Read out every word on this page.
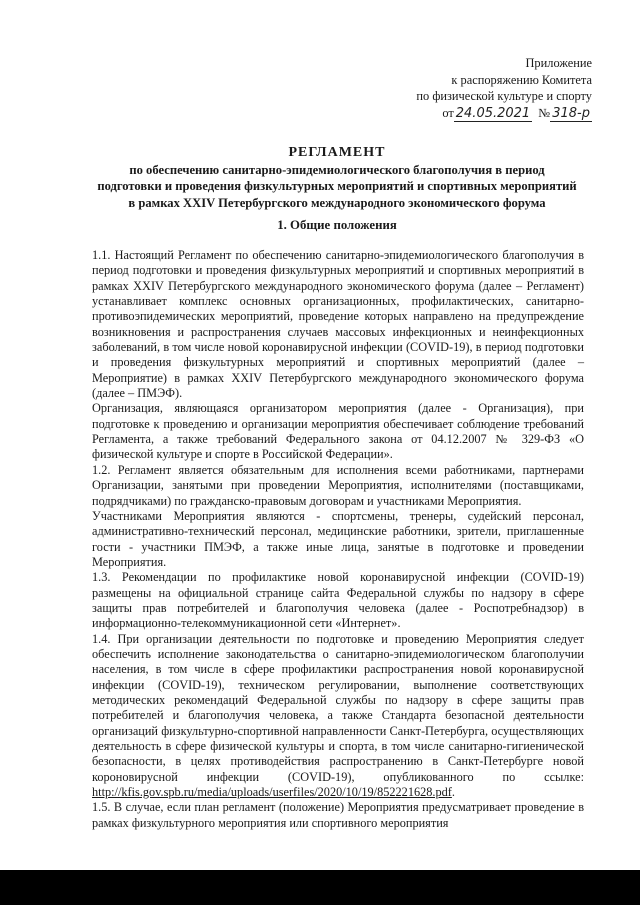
Приложение
к распоряжению Комитета
по физической культуре и спорту
от 24.05.2021 № 318-р
РЕГЛАМЕНТ
по обеспечению санитарно-эпидемиологического благополучия в период
подготовки и проведения физкультурных мероприятий и спортивных мероприятий
в рамках XXIV Петербургского международного экономического форума
1. Общие положения

1.1. Настоящий Регламент по обеспечению санитарно-эпидемиологического благополучия в период подготовки и проведения физкультурных мероприятий и спортивных мероприятий в рамках XXIV Петербургского международного экономического форума (далее – Регламент) устанавливает комплекс основных организационных, профилактических, санитарно-противоэпидемических мероприятий, проведение которых направлено на предупреждение возникновения и распространения случаев массовых инфекционных и неинфекционных заболеваний, в том числе новой коронавирусной инфекции (COVID-19), в период подготовки и проведения физкультурных мероприятий и спортивных мероприятий (далее – Мероприятие) в рамках XXIV Петербургского международного экономического форума (далее – ПМЭФ).

Организация, являющаяся организатором мероприятия (далее - Организация), при подготовке к проведению и организации мероприятия обеспечивает соблюдение требований Регламента, а также требований Федерального закона от 04.12.2007 № 329-ФЗ «О физической культуре и спорте в Российской Федерации».

1.2. Регламент является обязательным для исполнения всеми работниками, партнерами Организации, занятыми при проведении Мероприятия, исполнителями (поставщиками, подрядчиками) по гражданско-правовым договорам и участниками Мероприятия.

Участниками Мероприятия являются - спортсмены, тренеры, судейский персонал, административно-технический персонал, медицинские работники, зрители, приглашенные гости - участники ПМЭФ, а также иные лица, занятые в подготовке и проведении Мероприятия.

1.3. Рекомендации по профилактике новой коронавирусной инфекции (COVID-19) размещены на официальной странице сайта Федеральной службы по надзору в сфере защиты прав потребителей и благополучия человека (далее - Роспотребнадзор) в информационно-телекоммуникационной сети «Интернет».

1.4. При организации деятельности по подготовке и проведению Мероприятия следует обеспечить исполнение законодательства о санитарно-эпидемиологическом благополучии населения, в том числе в сфере профилактики распространения новой коронавирусной инфекции (COVID-19), техническом регулировании, выполнение соответствующих методических рекомендаций Федеральной службы по надзору в сфере защиты прав потребителей и благополучия человека, а также Стандарта безопасной деятельности организаций физкультурно-спортивной направленности Санкт-Петербурга, осуществляющих деятельность в сфере физической культуры и спорта, в том числе санитарно-гигиенической безопасности, в целях противодействия распространению в Санкт-Петербурге новой короновирусной инфекции (COVID-19), опубликованного по ссылке: http://kfis.gov.spb.ru/media/uploads/userfiles/2020/10/19/852221628.pdf.

1.5. В случае, если план регламент (положение) Мероприятия предусматривает проведение в рамках физкультурного мероприятия или спортивного мероприятия
